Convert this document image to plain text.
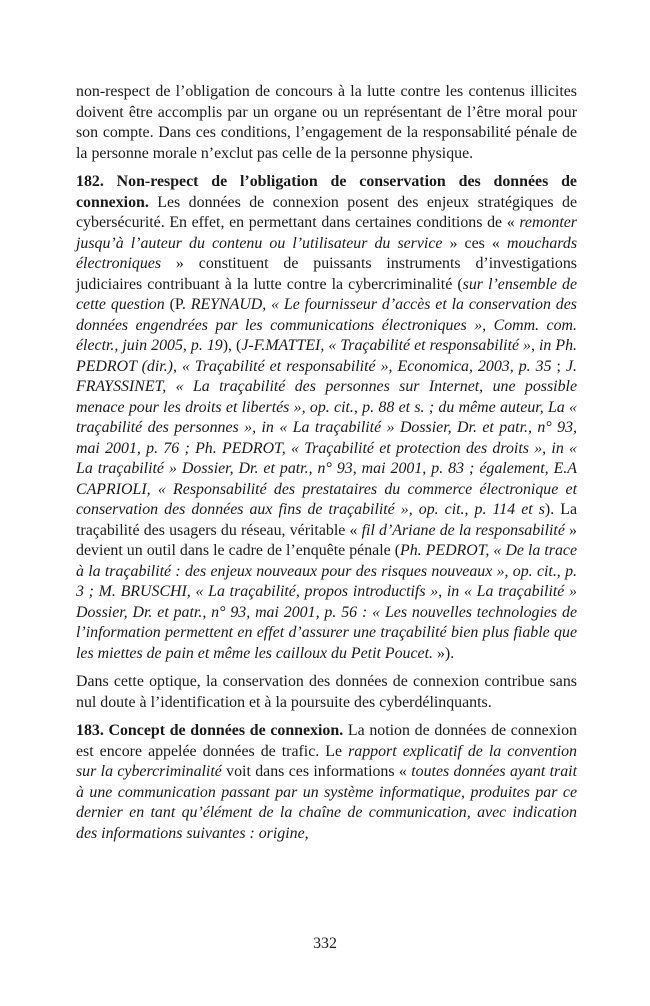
non-respect de l’obligation de concours à la lutte contre les contenus illicites doivent être accomplis par un organe ou un représentant de l’être moral pour son compte. Dans ces conditions, l’engagement de la responsabilité pénale de la personne morale n’exclut pas celle de la personne physique.

182. Non-respect de l’obligation de conservation des données de connexion. Les données de connexion posent des enjeux stratégiques de cybersécurité. En effet, en permettant dans certaines conditions de « remonter jusqu’à l’auteur du contenu ou l’utilisateur du service » ces « mouchards électroniques » constituent de puissants instruments d’investigations judiciaires contribuant à la lutte contre la cybercriminalité (sur l’ensemble de cette question (P. REYNAUD, « Le fournisseur d’accès et la conservation des données engendrées par les communications électroniques », Comm. com. électr., juin 2005, p. 19), (J-F.MATTEI, « Traçabilité et responsabilité », in Ph. PEDROT (dir.), « Traçabilité et responsabilité », Economica, 2003, p. 35 ; J. FRAYSSINET, « La traçabilité des personnes sur Internet, une possible menace pour les droits et libertés », op. cit., p. 88 et s. ; du même auteur, La « traçabilité des personnes », in « La traçabilité » Dossier, Dr. et patr., n° 93, mai 2001, p. 76 ; Ph. PEDROT, « Traçabilité et protection des droits », in « La traçabilité » Dossier, Dr. et patr., n° 93, mai 2001, p. 83 ; également, E.A CAPRIOLI, « Responsabilité des prestataires du commerce électronique et conservation des données aux fins de traçabilité », op. cit., p. 114 et s). La traçabilité des usagers du réseau, véritable « fil d’Ariane de la responsabilité » devient un outil dans le cadre de l’enquête pénale (Ph. PEDROT, « De la trace à la traçabilité : des enjeux nouveaux pour des risques nouveaux », op. cit., p. 3 ; M. BRUSCHI, « La traçabilité, propos introductifs », in « La traçabilité » Dossier, Dr. et patr., n° 93, mai 2001, p. 56 : « Les nouvelles technologies de l’information permettent en effet d’assurer une traçabilité bien plus fiable que les miettes de pain et même les cailloux du Petit Poucet. »).

Dans cette optique, la conservation des données de connexion contribue sans nul doute à l’identification et à la poursuite des cyberdélinquants.

183. Concept de données de connexion. La notion de données de connexion est encore appelée données de trafic. Le rapport explicatif de la convention sur la cybercriminalité voit dans ces informations « toutes données ayant trait à une communication passant par un système informatique, produites par ce dernier en tant qu’élément de la chaîne de communication, avec indication des informations suivantes : origine,

332
